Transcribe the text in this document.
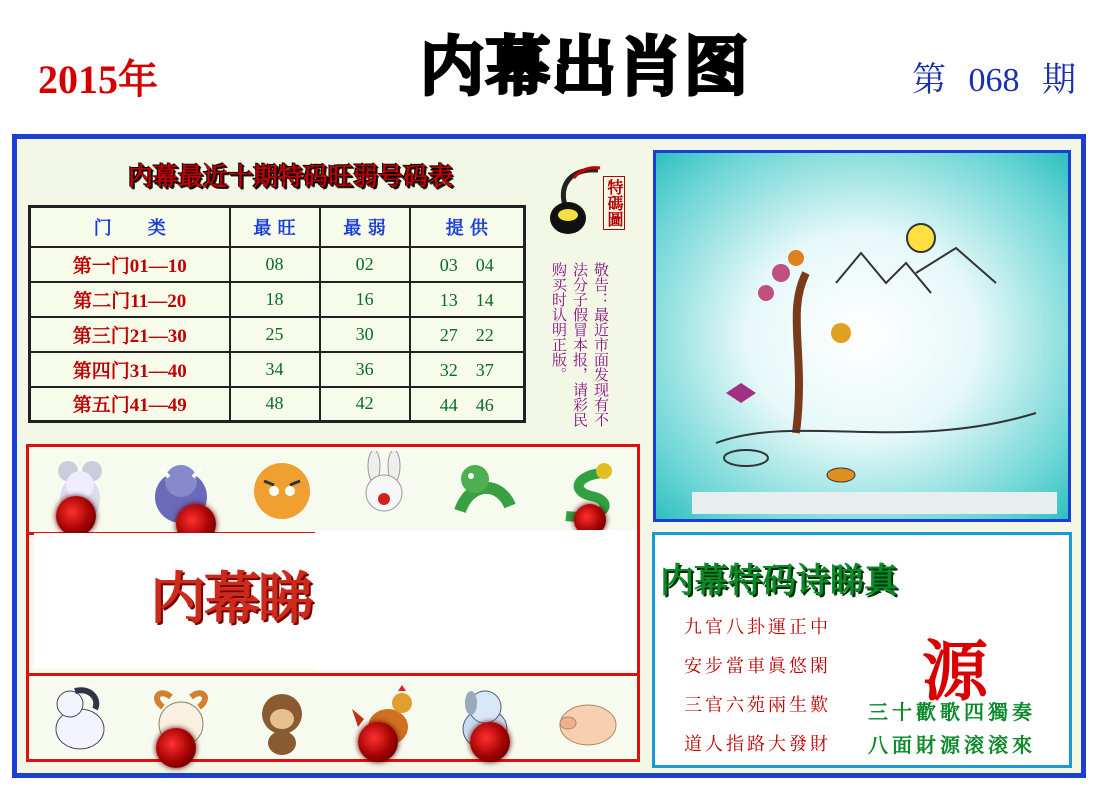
2015年	内 幕 出 肖 图	第 068 期
内幕最近十期特码旺弱号码表
门　　类	最 旺	最 弱	提 供
第一门01—10	08	02	03　04
第二门11—20	18	16	13　14
第三门21—30	25	30	27　22
第四门31—40	34	36	32　37
第五门41—49	48	42	44　46
特碼圖
敬告：最近市面发现有不法分子假冒本报，请彩民购买时认明正版。
内幕睇	内幕特码诗睇真
九官八卦運正中
安步當車眞悠閑
三官六苑兩生歎
道人指路大發財
源
三十歡歌四獨奏
八面財源滚滚來
